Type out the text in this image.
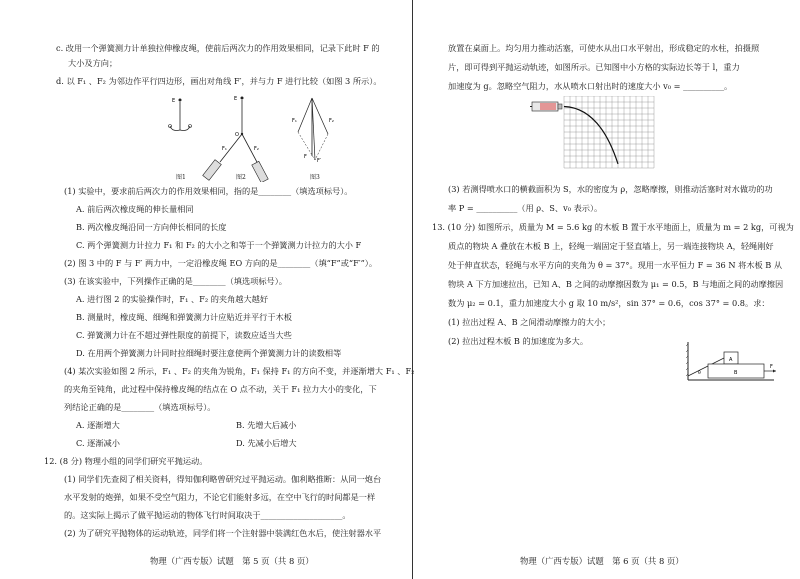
c. 改用一个弹簧测力计单独拉伸橡皮绳，使前后两次力的作用效果相同，记录下此时 F 的
大小及方向；
d. 以 F₁ 、F₂ 为邻边作平行四边形，画出对角线 F′，并与力 F 进行比较（如图 3 所示）。
E	E
O
F₁	F₂
F₁	F₂
F
F′
图1	图2	图3
(1) 实验中，要求前后两次力的作用效果相同，指的是________（填选项标号）。
A. 前后两次橡皮绳的伸长量相同
B. 两次橡皮绳沿同一方向伸长相同的长度
C. 两个弹簧测力计拉力 F₁ 和 F₂ 的大小之和等于一个弹簧测力计拉力的大小 F
(2) 图 3 中的 F 与 F′ 两力中，一定沿橡皮绳 EO 方向的是________（填“F”或“F′”）。
(3) 在该实验中，下列操作正确的是________（填选项标号）。
A. 进行图 2 的实验操作时，F₁ 、F₂ 的夹角越大越好
B. 测量时，橡皮绳、细绳和弹簧测力计应贴近并平行于木板
C. 弹簧测力计在不超过弹性限度的前提下，读数应适当大些
D. 在用两个弹簧测力计同时拉细绳时要注意使两个弹簧测力计的读数相等
(4) 某次实验如图 2 所示，F₁ 、F₂ 的夹角为锐角，F₁ 保持 F₁ 的方向不变，并逐渐增大 F₁ 、F₂
的夹角至钝角，此过程中保持橡皮绳的结点在 O 点不动，关于 F₁ 拉力大小的变化，下
列结论正确的是________（填选项标号）。
A. 逐渐增大	B. 先增大后减小
C. 逐渐减小	D. 先减小后增大
12. (8 分) 物理小组的同学们研究平抛运动。
(1) 同学们先查阅了相关资料，得知伽利略曾研究过平抛运动。伽利略推断：从同一炮台
水平发射的炮弹，如果不受空气阻力，不论它们能射多远，在空中飞行的时间都是一样
的。这实际上揭示了做平抛运动的物体飞行时间取决于____________________。
(2) 为了研究平抛物体的运动轨迹，同学们将一个注射器中装满红色水后，使注射器水平
物理（广西专版）试题　第 5 页（共 8 页）
放置在桌面上。均匀用力推动活塞，可使水从出口水平射出，形成稳定的水柱，拍摄照
片，即可得到平抛运动轨迹，如图所示。已知图中小方格的实际边长等于 l，重力
加速度为 g。忽略空气阻力，水从喷水口射出时的速度大小 v₀ = __________。
(3) 若测得喷水口的横截面积为 S，水的密度为 ρ，忽略摩擦，则推动活塞时对水做功的功
率 P = __________（用 ρ、S、v₀ 表示）。
13. (10 分) 如图所示，质量为 M = 5.6 kg 的木板 B 置于水平地面上，质量为 m = 2 kg，可视为
质点的物块 A 叠放在木板 B 上，轻绳一端固定于竖直墙上，另一端连接物块 A，轻绳刚好
处于伸直状态，轻绳与水平方向的夹角为 θ = 37°。现用一水平恒力 F = 36 N 将木板 B 从
物块 A 下方加速拉出，已知 A、B 之间的动摩擦因数为 μ₁ = 0.5，B 与地面之间的动摩擦因
数为 μ₂ = 0.1，重力加速度大小 g 取 10 m/s²，sin 37° = 0.6，cos 37° = 0.8。求：
(1) 拉出过程 A、B 之间滑动摩擦力的大小；
(2) 拉出过程木板 B 的加速度为多大。
θ
A
B
F
物理（广西专版）试题　第 6 页（共 8 页）
